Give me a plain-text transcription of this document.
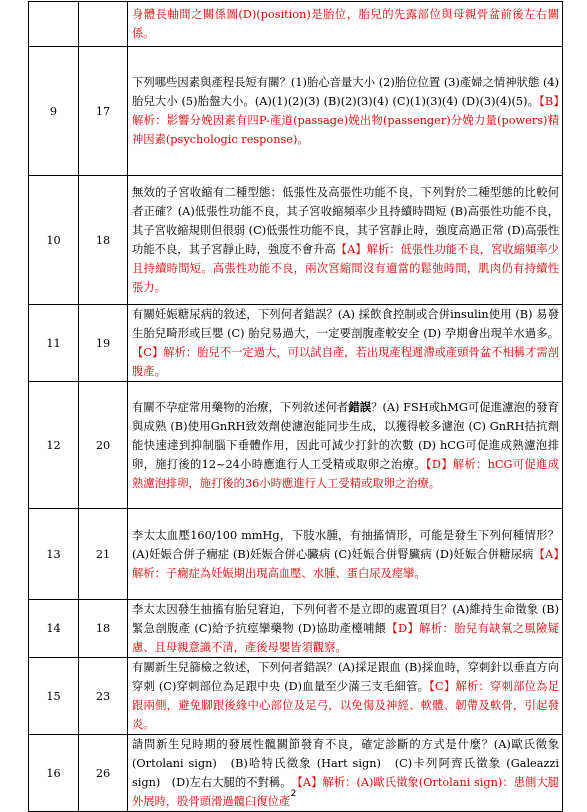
		身體長軸間之關係圖(D)(position)是胎位，胎兒的先露部位與母親骨盆前後左右關係。
9	17	下列哪些因素與產程長短有關？(1)胎心音量大小 (2)胎位位置 (3)產婦之情神狀態 (4)胎兒大小 (5)胎盤大小。(A)(1)(2)(3) (B)(2)(3)(4) (C)(1)(3)(4) (D)(3)(4)(5)。【B】解析：影響分娩因素有四P-產道(passage)娩出物(passenger)分娩力量(powers)精神因素(psychologic response)。
10	18	無效的子宮收縮有二種型態：低張性及高張性功能不良，下列對於二種型態的比較何者正確？(A)低張性功能不良，其子宮收縮頻率少且持續時間短 (B)高張性功能不良，其子宮收縮規則但很弱 (C)低張性功能不良，其子宮靜止時，強度高過正常 (D)高張性功能不良，其子宮靜止時，強度不會升高【A】解析：低張性功能不良，宮收縮頻率少且持續時間短。高張性功能不良，兩次宮縮間沒有適當的鬆弛時間，肌肉仍有持續性張力。
11	19	有關妊娠糖尿病的敘述，下列何者錯誤？(A) 採飲食控制或合併insulin使用 (B) 易發生胎兒畸形或巨嬰 (C) 胎兒易過大，一定要剖腹產較安全 (D) 孕期會出現羊水過多。【C】解析：胎兒不一定過大，可以試自產，若出現產程遲滯或產頭骨盆不相稱才需剖腹產。
12	20	有關不孕症常用藥物的治療，下列敘述何者錯誤？(A) FSH或hMG可促進濾泡的發育與成熟 (B)使用GnRH致效劑使濾泡能同步生成，以獲得較多濾泡 (C) GnRH拮抗劑能快速達到抑制腦下垂體作用，因此可減少打針的次數 (D) hCG可促進成熟濾泡排卵，施打後的12~24小時應進行人工受精或取卵之治療。【D】解析：hCG可促進成熟濾泡排卵，施打後的36小時應進行人工受精或取卵之治療。
13	21	李太太血壓160/100 mmHg，下肢水腫，有抽搐情形，可能是發生下列何種情形？(A)妊娠合併子癇症 (B)妊娠合併心臟病 (C)妊娠合併腎臟病 (D)妊娠合併糖尿病【A】解析：子癇症為妊娠期出現高血壓、水腫、蛋白尿及痙攣。
14	18	李太太因發生抽搐有胎兒窘迫，下列何者不是立即的處置項目？(A)維持生命徵象 (B)緊急剖腹產 (C)給予抗痙攣藥物 (D)協助產檯哺餵【D】解析：胎兒有缺氧之風險疑慮、且母親意識不清，產後母嬰皆須觀察。
15	23	有關新生兒篩檢之敘述，下列何者錯誤？(A)採足跟血 (B)採血時，穿刺針以垂直方向穿刺 (C)穿刺部位為足跟中央 (D)血量至少滿三支毛細管。【C】解析：穿刺部位為足跟兩側，避免腳跟後緣中心部位及足弓，以免傷及神經、軟體、韌帶及軟骨，引起發炎。
16	26	請問新生兒時期的發展性髖關節發育不良，確定診斷的方式是什麼？(A)歐氏徵象 (Ortolani sign)　(B)哈特氏徵象 (Hart sign)　(C)卡列阿齊氏徵象 (Galeazzi sign)　(D)左右大腿的不對稱。　【A】解析：(A)歐氏徵象(Ortolani sign)：患側大腿外展時，股骨頭滑過髖臼復位產
2
